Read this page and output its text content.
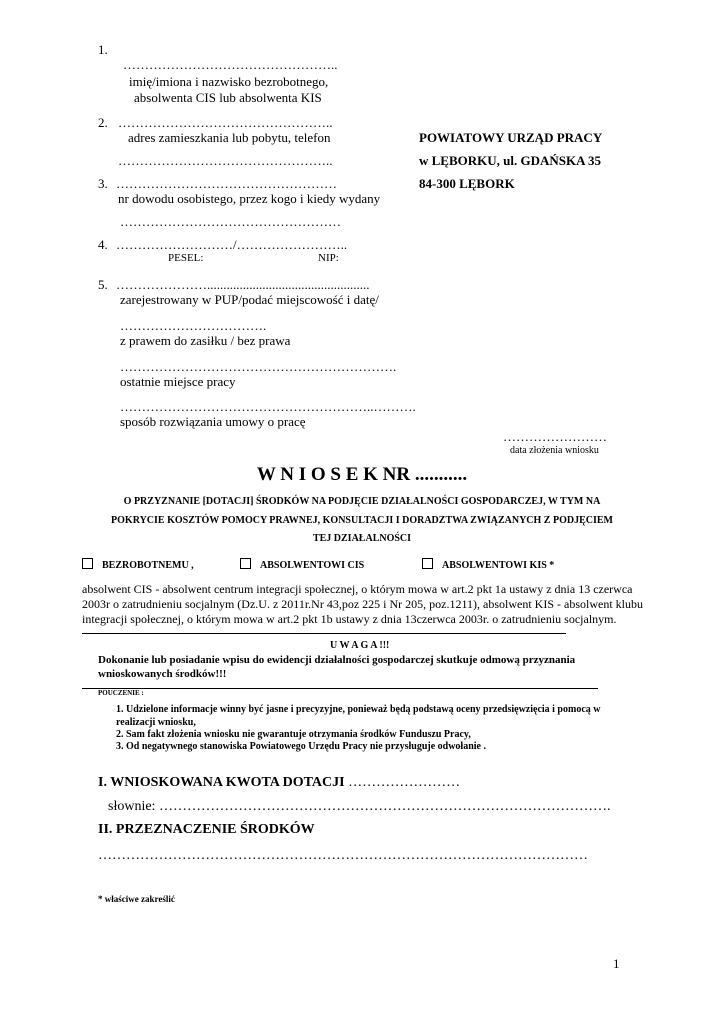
1.
…………………………………………..
imię/imiona i nazwisko bezrobotnego,
absolwenta CIS lub absolwenta KIS
2. …………………………………………..
adres zamieszkania lub pobytu, telefon
…………………………………………..
3. ……………………………………………
nr dowodu osobistego, przez kogo i kiedy wydany
……………………………………………
4. ………………………/……………………..
PESEL:	NIP:
5. …………………..................................................
zarejestrowany w PUP/podać miejscowość i datę/
…………………………….
z prawem do zasiłku / bez prawa
……………………………………………………….
ostatnie miejsce pracy
…………………………………………………..……….
sposób rozwiązania umowy o pracę
POWIATOWY URZĄD PRACY
w LĘBORKU, ul. GDAŃSKA 35
84-300 LĘBORK
……………………
data złożenia wniosku
W N I O S E K NR ...........
O PRZYZNANIE [DOTACJI] ŚRODKÓW NA PODJĘCIE DZIAŁALNOŚCI GOSPODARCZEJ, W TYM NA
POKRYCIE KOSZTÓW POMOCY PRAWNEJ, KONSULTACJI I DORADZTWA ZWIĄZANYCH Z PODJĘCIEM
TEJ DZIAŁALNOŚCI
BEZROBOTNEMU ,	ABSOLWENTOWI CIS	ABSOLWENTOWI KIS *
absolwent CIS - absolwent centrum integracji społecznej, o którym mowa w art.2 pkt 1a ustawy z dnia 13 czerwca
2003r o zatrudnieniu socjalnym (Dz.U. z 2011r.Nr 43,poz 225 i Nr 205, poz.1211), absolwent KIS - absolwent klubu
integracji społecznej, o którym mowa w art.2 pkt 1b ustawy z dnia 13czerwca 2003r. o zatrudnieniu socjalnym.
U W A G A !!!
Dokonanie lub posiadanie wpisu do ewidencji działalności gospodarczej skutkuje odmową przyznania
wnioskowanych środków!!!
POUCZENIE :
1. Udzielone informacje winny być jasne i precyzyjne, ponieważ będą podstawą oceny przedsięwzięcia i pomocą w
realizacji wniosku,
2. Sam fakt złożenia wniosku nie gwarantuje otrzymania środków Funduszu Pracy,
3. Od negatywnego stanowiska Powiatowego Urzędu Pracy nie przysługuje odwołanie .
I. WNIOSKOWANA KWOTA DOTACJI ……………………
słownie: …………………………………………………………………………………….
II. PRZEZNACZENIE ŚRODKÓW
……………………………………………………………………………………………
* właściwe zakreślić
1
